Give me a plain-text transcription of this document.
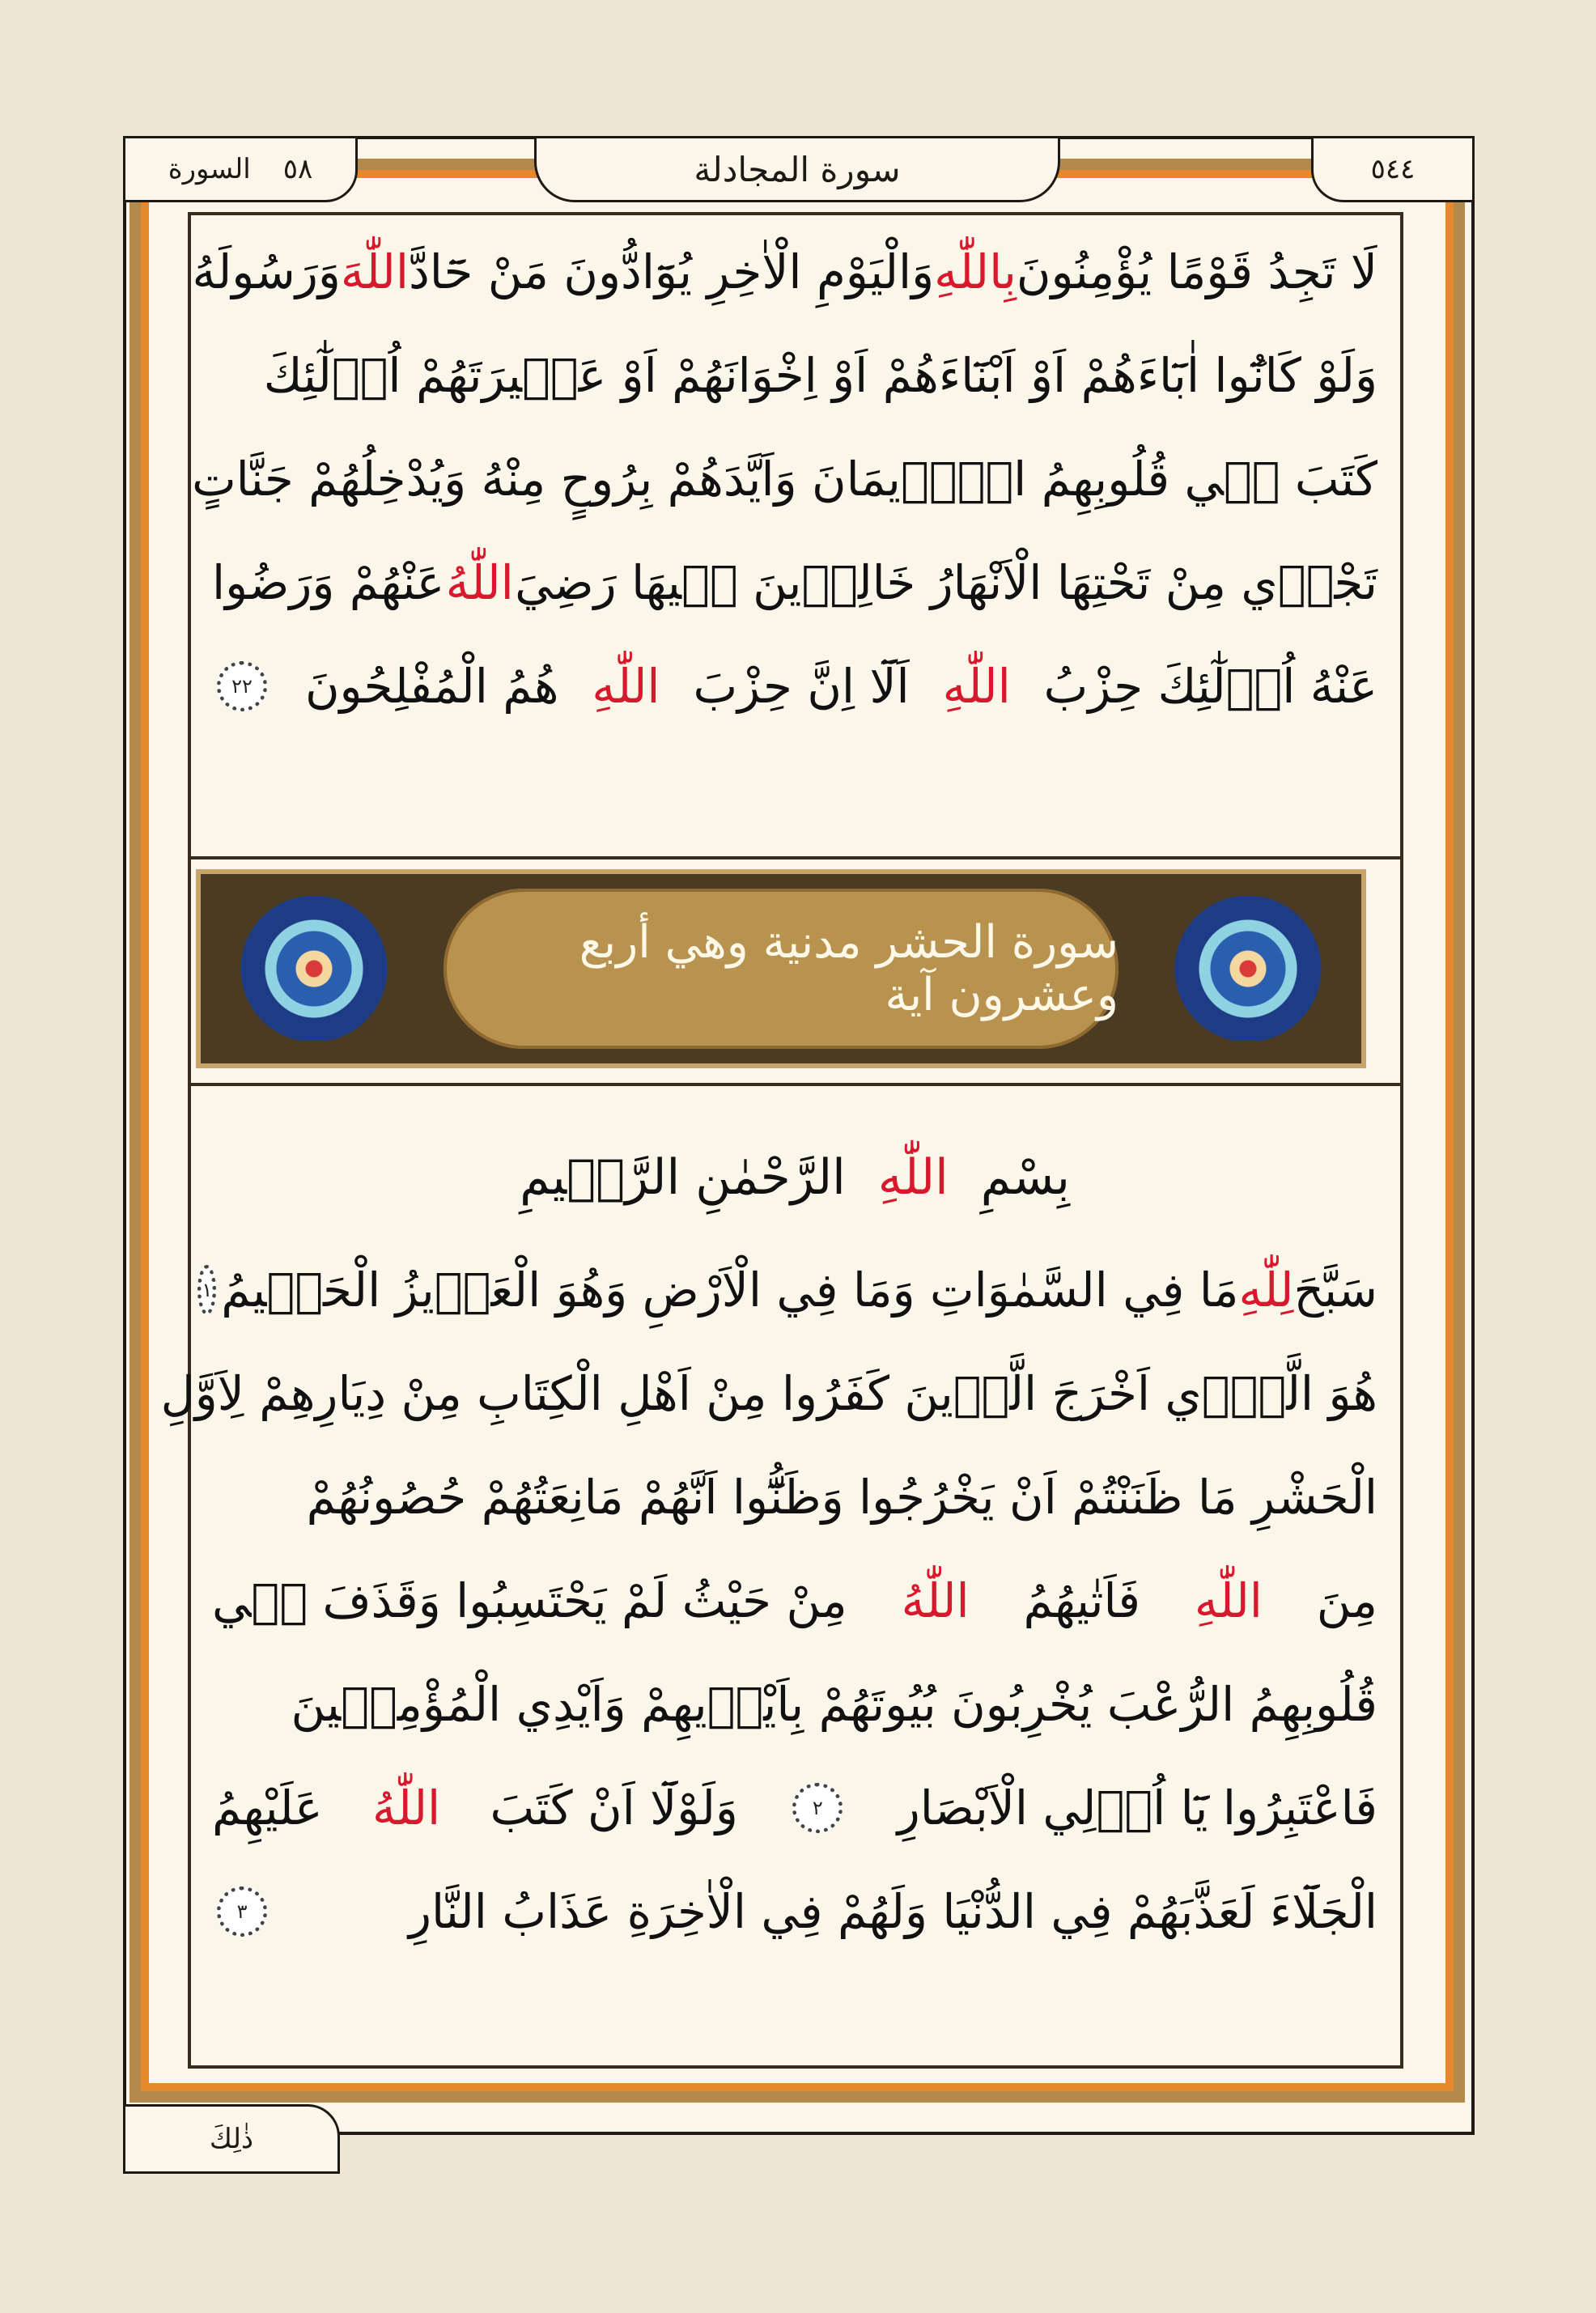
السورة ٥٨	سورة المجادلة	٥٤٤
لَا تَجِدُ قَوْمًا يُؤْمِنُونَ
بِاللّٰهِ
وَالْيَوْمِ الْاٰخِرِ يُوَٓادُّونَ مَنْ حَٓادَّ
اللّٰهَ
وَرَسُولَهُ
وَلَوْ كَانُٓوا اٰبَٓاءَهُمْ اَوْ اَبْنَٓاءَهُمْ اَوْ اِخْوَانَهُمْ اَوْ عَش۪يرَتَهُمْ اُو۬لٰٓئِكَ
كَتَبَ ف۪ي قُلُوبِهِمُ الْا۪يمَانَ وَاَيَّدَهُمْ بِرُوحٍ مِنْهُ وَيُدْخِلُهُمْ جَنَّاتٍ
تَجْر۪ي مِنْ تَحْتِهَا الْاَنْهَارُ خَالِد۪ينَ ف۪يهَا رَضِيَ
اللّٰهُ
عَنْهُمْ وَرَضُوا
عَنْهُ اُو۬لٰٓئِكَ حِزْبُ
اللّٰهِ
اَلَٓا اِنَّ حِزْبَ
اللّٰهِ
هُمُ الْمُفْلِحُونَ
٢٢
سورة الحشر مدنية وهي أربع وعشرون آية
بِسْمِ
اللّٰهِ
الرَّحْمٰنِ الرَّح۪يمِ
سَبَّحَ
لِلّٰهِ
مَا فِي السَّمٰوَاتِ وَمَا فِي الْاَرْضِ وَهُوَ الْعَز۪يزُ الْحَك۪يمُ
١
هُوَ الَّذ۪ٓي اَخْرَجَ الَّذ۪ينَ كَفَرُوا مِنْ اَهْلِ الْكِتَابِ مِنْ دِيَارِهِمْ لِاَوَّلِ
الْحَشْرِ مَا ظَنَنْتُمْ اَنْ يَخْرُجُوا وَظَنُّٓوا اَنَّهُمْ مَانِعَتُهُمْ حُصُونُهُمْ
مِنَ
اللّٰهِ
فَاَتٰيهُمُ
اللّٰهُ
مِنْ حَيْثُ لَمْ يَحْتَسِبُوا وَقَذَفَ ف۪ي
قُلُوبِهِمُ الرُّعْبَ يُخْرِبُونَ بُيُوتَهُمْ بِاَيْد۪يهِمْ وَاَيْدِي الْمُؤْمِن۪ينَ
فَاعْتَبِرُوا يَٓا اُو۬لِي الْاَبْصَارِ
٢
وَلَوْلَٓا اَنْ كَتَبَ
اللّٰهُ
عَلَيْهِمُ
الْجَلَٓاءَ لَعَذَّبَهُمْ فِي الدُّنْيَا وَلَهُمْ فِي الْاٰخِرَةِ عَذَابُ النَّارِ
٣
ذٰلِكَ
